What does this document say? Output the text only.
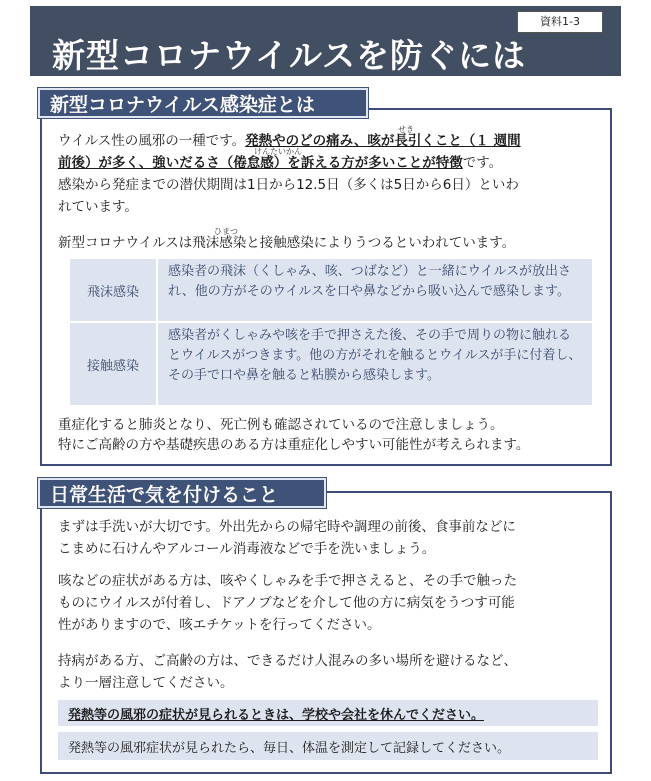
資料1-3
新型コロナウイルスを防ぐには
新型コロナウイルス感染症とは
せき
ウイルス性の風邪の一種です。発熱やのどの痛み、咳が長引くこと（１ 週間
けんたいかん
前後）が多く、強いだるさ（倦怠感）を訴える方が多いことが特徴です。
感染から発症までの潜伏期間は1日から12.5日（多くは5日から6日）といわ
れています。
ひまつ
新型コロナウイルスは飛沫感染と接触感染によりうつるといわれています。
飛沫感染
感染者の飛沫（くしゃみ、咳、つばなど）と一緒にウイルスが放出され、他の方がそのウイルスを口や鼻などから吸い込んで感染します。
接触感染
感染者がくしゃみや咳を手で押さえた後、その手で周りの物に触れるとウイルスがつきます。他の方がそれを触るとウイルスが手に付着し、その手で口や鼻を触ると粘膜から感染します。
重症化すると肺炎となり、死亡例も確認されているので注意しましょう。
特にご高齢の方や基礎疾患のある方は重症化しやすい可能性が考えられます。
日常生活で気を付けること
まずは手洗いが大切です。外出先からの帰宅時や調理の前後、食事前などに
こまめに石けんやアルコール消毒液などで手を洗いましょう。
咳などの症状がある方は、咳やくしゃみを手で押さえると、その手で触った
ものにウイルスが付着し、ドアノブなどを介して他の方に病気をうつす可能
性がありますので、咳エチケットを行ってください。
持病がある方、ご高齢の方は、できるだけ人混みの多い場所を避けるなど、
より一層注意してください。
発熱等の風邪の症状が見られるときは、学校や会社を休んでください。
発熱等の風邪症状が見られたら、毎日、体温を測定して記録してください。
